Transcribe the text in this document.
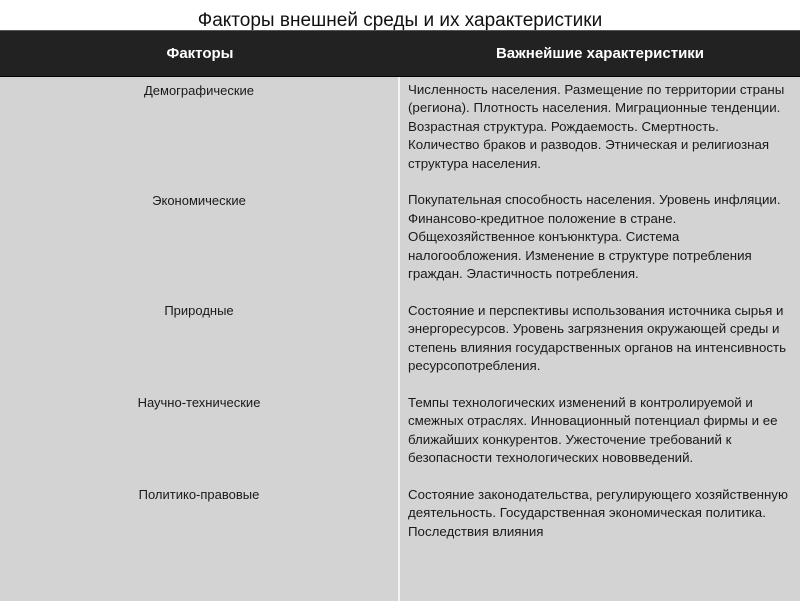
Факторы внешней среды и их характеристики
Факторы	Важнейшие характеристики
Демографические
Экономические
Природные
Научно-технические
Политико-правовые

Численность населения. Размещение по территории страны (региона). Плотность населения. Миграционные тенденции. Возрастная структура. Рождаемость. Смертность. Количество браков и разводов. Этническая и религиозная структура населения.

Покупательная способность населения. Уровень инфляции. Финансово-кредитное положение в стране. Общехозяйственное конъюнктура. Система налогообложения. Изменение в структуре потребления граждан. Эластичность потребления.

Состояние и перспективы использования источника сырья и энергоресурсов. Уровень загрязнения окружающей среды и степень влияния государственных органов на интенсивность ресурсопотребления.

Темпы технологических изменений в контролируемой и смежных отраслях. Инновационный потенциал фирмы и ее ближайших конкурентов. Ужесточение требований к безопасности технологических нововведений.

Состояние законодательства, регулирующего хозяйственную деятельность. Государственная экономическая политика. Последствия влияния
